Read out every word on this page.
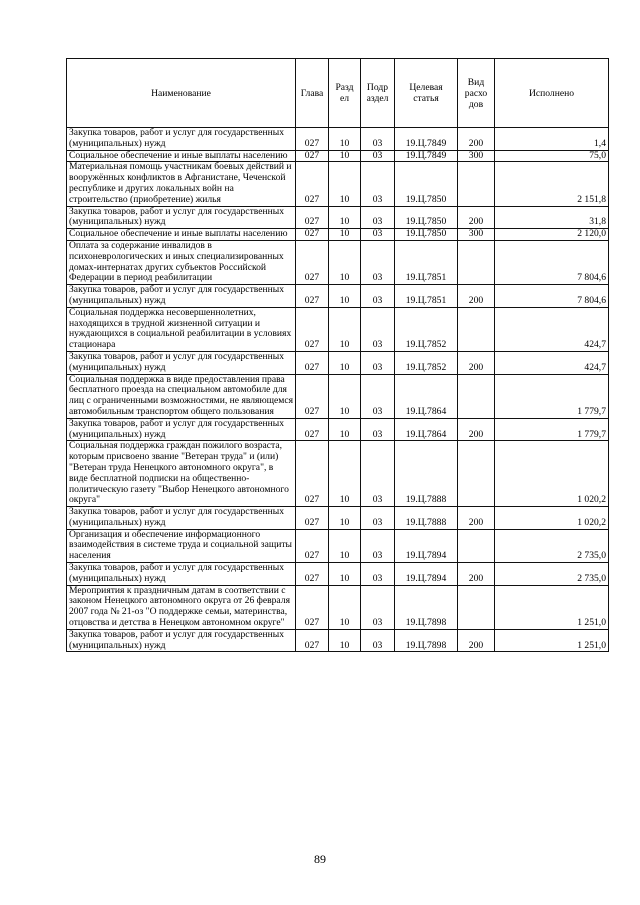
Наименование	Глава	Разд ел	Подр аздел	Целевая статья	Вид расхо дов	Исполнено
Закупка товаров, работ и услуг для государственных (муниципальных) нужд	027	10	03	19.Ц.7849	200	1,4
Социальное обеспечение и иные выплаты населению	027	10	03	19.Ц.7849	300	75,0
Материальная помощь участникам боевых действий и вооружённых конфликтов в Афганистане, Чеченской республике и других локальных войн на строительство (приобретение) жилья	027	10	03	19.Ц.7850		2 151,8
Закупка товаров, работ и услуг для государственных (муниципальных) нужд	027	10	03	19.Ц.7850	200	31,8
Социальное обеспечение и иные выплаты населению	027	10	03	19.Ц.7850	300	2 120,0
Оплата за содержание инвалидов в психоневрологических и иных специализированных домах-интернатах других субъектов Российской Федерации в период реабилитации	027	10	03	19.Ц.7851		7 804,6
Закупка товаров, работ и услуг для государственных (муниципальных) нужд	027	10	03	19.Ц.7851	200	7 804,6
Социальная поддержка несовершеннолетних, находящихся в трудной жизненной ситуации и нуждающихся в социальной реабилитации в условиях стационара	027	10	03	19.Ц.7852		424,7
Закупка товаров, работ и услуг для государственных (муниципальных) нужд	027	10	03	19.Ц.7852	200	424,7
Социальная поддержка в виде предоставления права бесплатного проезда на специальном автомобиле для лиц с ограниченными возможностями, не являющемся автомобильным транспортом общего пользования	027	10	03	19.Ц.7864		1 779,7
Закупка товаров, работ и услуг для государственных (муниципальных) нужд	027	10	03	19.Ц.7864	200	1 779,7
Социальная поддержка граждан пожилого возраста, которым присвоено звание "Ветеран труда" и (или) "Ветеран труда Ненецкого автономного округа", в виде бесплатной подписки на общественно-политическую газету "Выбор Ненецкого автономного округа"	027	10	03	19.Ц.7888		1 020,2
Закупка товаров, работ и услуг для государственных (муниципальных) нужд	027	10	03	19.Ц.7888	200	1 020,2
Организация и обеспечение информационного взаимодействия в системе труда и социальной защиты населения	027	10	03	19.Ц.7894		2 735,0
Закупка товаров, работ и услуг для государственных (муниципальных) нужд	027	10	03	19.Ц.7894	200	2 735,0
Мероприятия к праздничным датам в соответствии с законом Ненецкого автономного округа от 26 февраля 2007 года № 21-оз "О поддержке семьи, материнства, отцовства и детства в Ненецком автономном округе"	027	10	03	19.Ц.7898		1 251,0
Закупка товаров, работ и услуг для государственных (муниципальных) нужд	027	10	03	19.Ц.7898	200	1 251,0
89
